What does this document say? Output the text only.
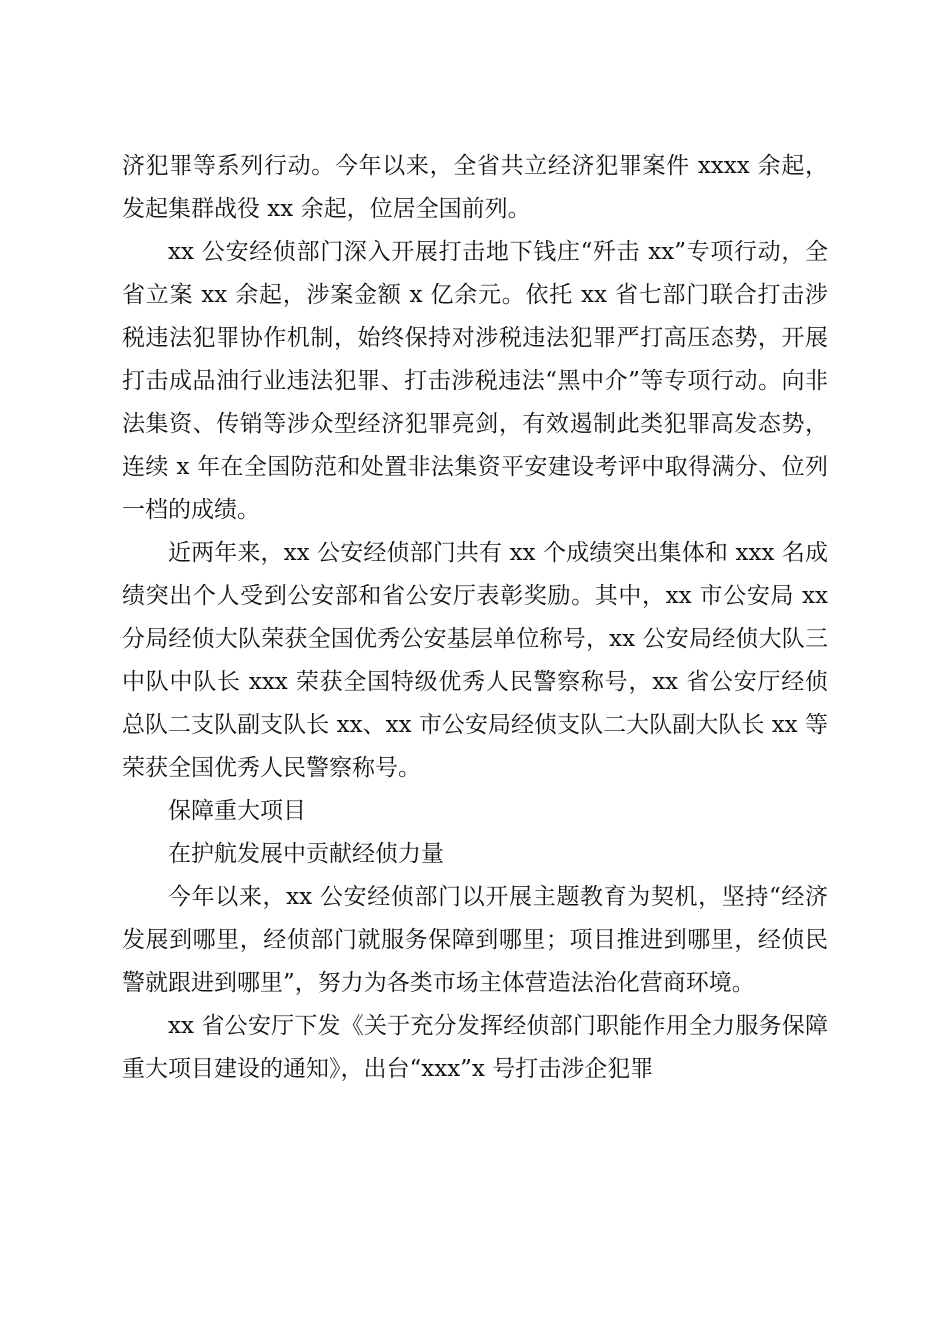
济犯罪等系列行动。今年以来，全省共立经济犯罪案件 xxxx 余起，发起集群战役 xx 余起，位居全国前列。

xx 公安经侦部门深入开展打击地下钱庄“歼击 xx”专项行动，全省立案 xx 余起，涉案金额 x 亿余元。依托 xx 省七部门联合打击涉税违法犯罪协作机制，始终保持对涉税违法犯罪严打高压态势，开展打击成品油行业违法犯罪、打击涉税违法“黑中介”等专项行动。向非法集资、传销等涉众型经济犯罪亮剑，有效遏制此类犯罪高发态势，连续 x 年在全国防范和处置非法集资平安建设考评中取得满分、位列一档的成绩。

近两年来，xx 公安经侦部门共有 xx 个成绩突出集体和 xxx 名成绩突出个人受到公安部和省公安厅表彰奖励。其中，xx 市公安局 xx 分局经侦大队荣获全国优秀公安基层单位称号，xx 公安局经侦大队三中队中队长 xxx 荣获全国特级优秀人民警察称号，xx 省公安厅经侦总队二支队副支队长 xx、xx 市公安局经侦支队二大队副大队长 xx 等荣获全国优秀人民警察称号。

保障重大项目

在护航发展中贡献经侦力量

今年以来，xx 公安经侦部门以开展主题教育为契机，坚持“经济发展到哪里，经侦部门就服务保障到哪里；项目推进到哪里，经侦民警就跟进到哪里”，努力为各类市场主体营造法治化营商环境。

xx 省公安厅下发《关于充分发挥经侦部门职能作用全力服务保障重大项目建设的通知》，出台“xxx”x 号打击涉企犯罪
